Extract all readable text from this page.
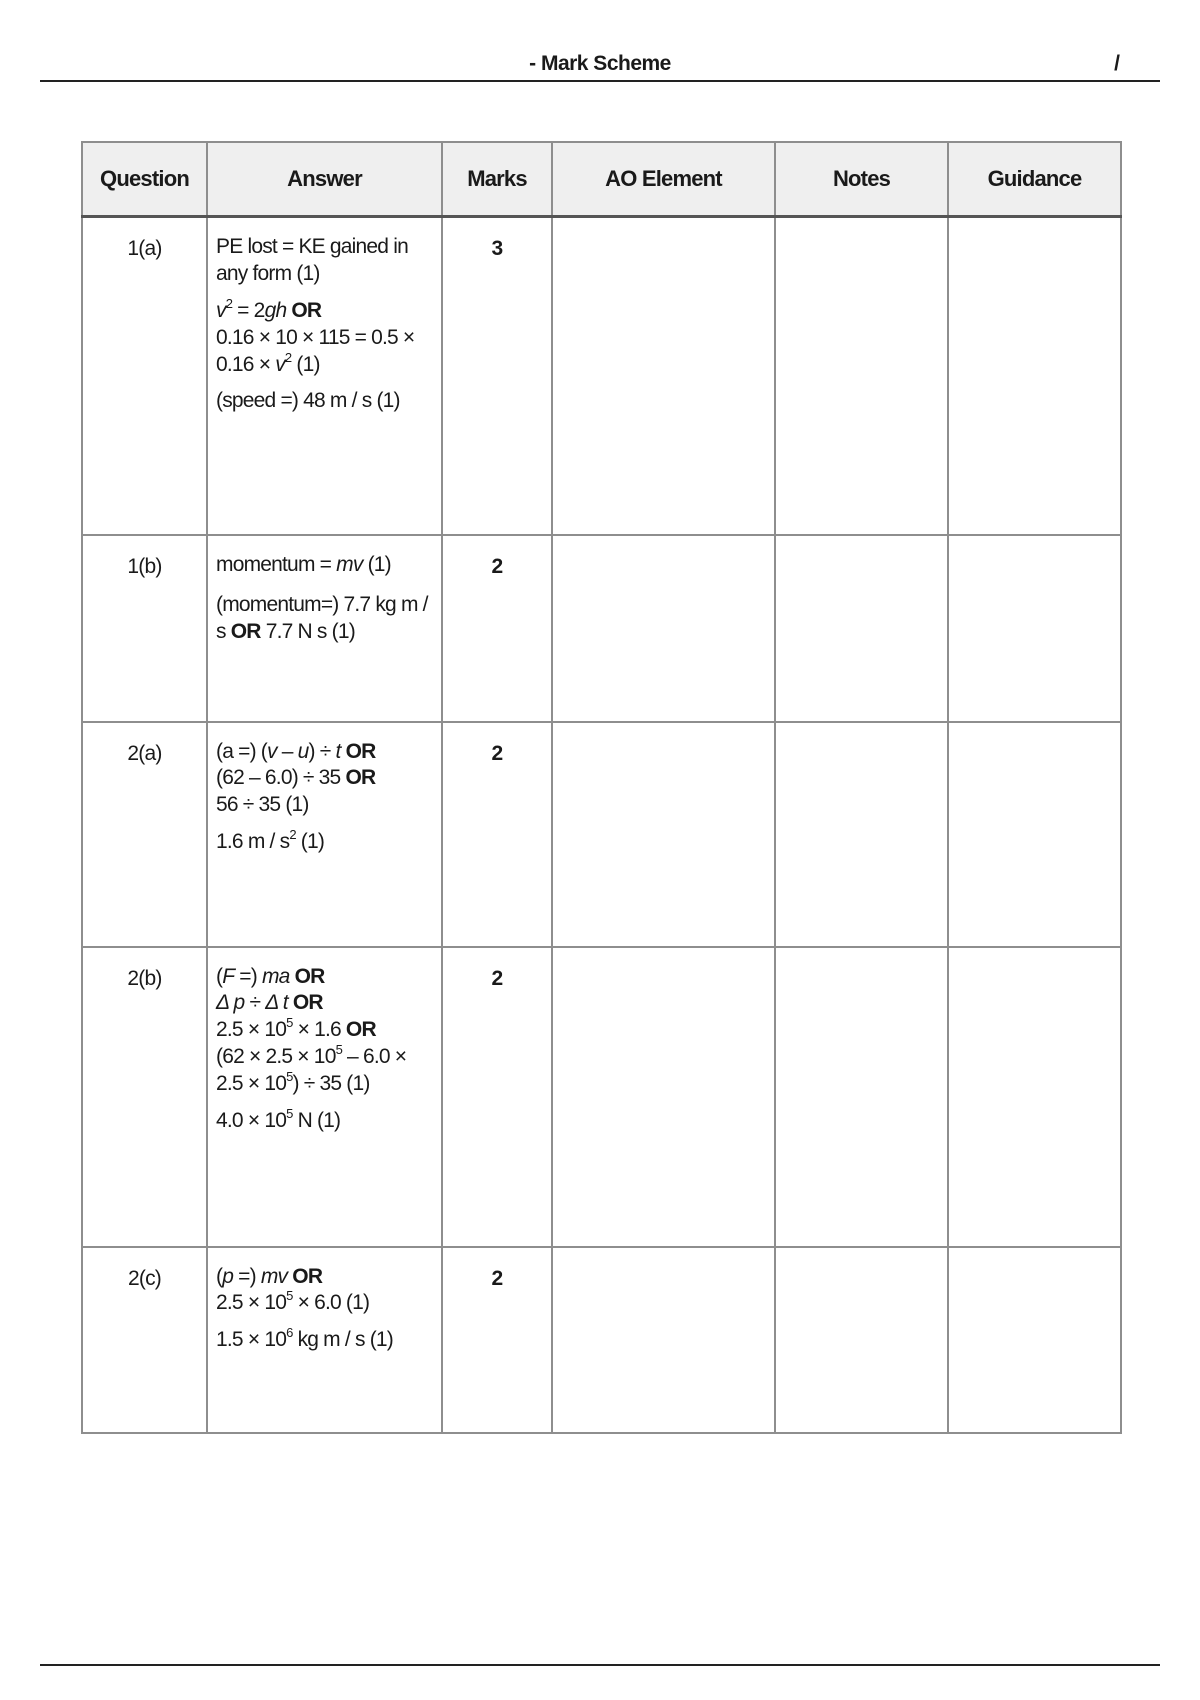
- Mark Scheme	/
Question	Answer	Marks	AO Element	Notes	Guidance
1(a)	PE lost = KE gained in any form (1)

$v^2 = 2gh$ OR

$0.16 \times 10 \times 115 = 0.5 \times 0.16 \times v^2$ (1)

(speed =) 48 m / s (1)	3			
1(b)	momentum = mv (1)

(momentum=) 7.7 kg m / s OR 7.7 N s (1)	2			
2(a)	(a =) (v – u) ÷ t OR

(62 – 6.0) ÷ 35 OR

56 ÷ 35 (1)

1.6 m / $s^2$ (1)	2			
2(b)	(F =) ma OR

Δ p ÷ Δ t OR

$2.5 \times 10^5 \times 1.6$ OR

$(62 \times 2.5 \times 10^5 - 6.0 \times 2.5 \times 10^5) \div 35$ (1)

$4.0 \times 10^5$ N (1)	2			
2(c)	(p =) mv OR

$2.5 \times 10^5 \times 6.0$ (1)

$1.5 \times 10^6$ kg m / s (1)	2			
